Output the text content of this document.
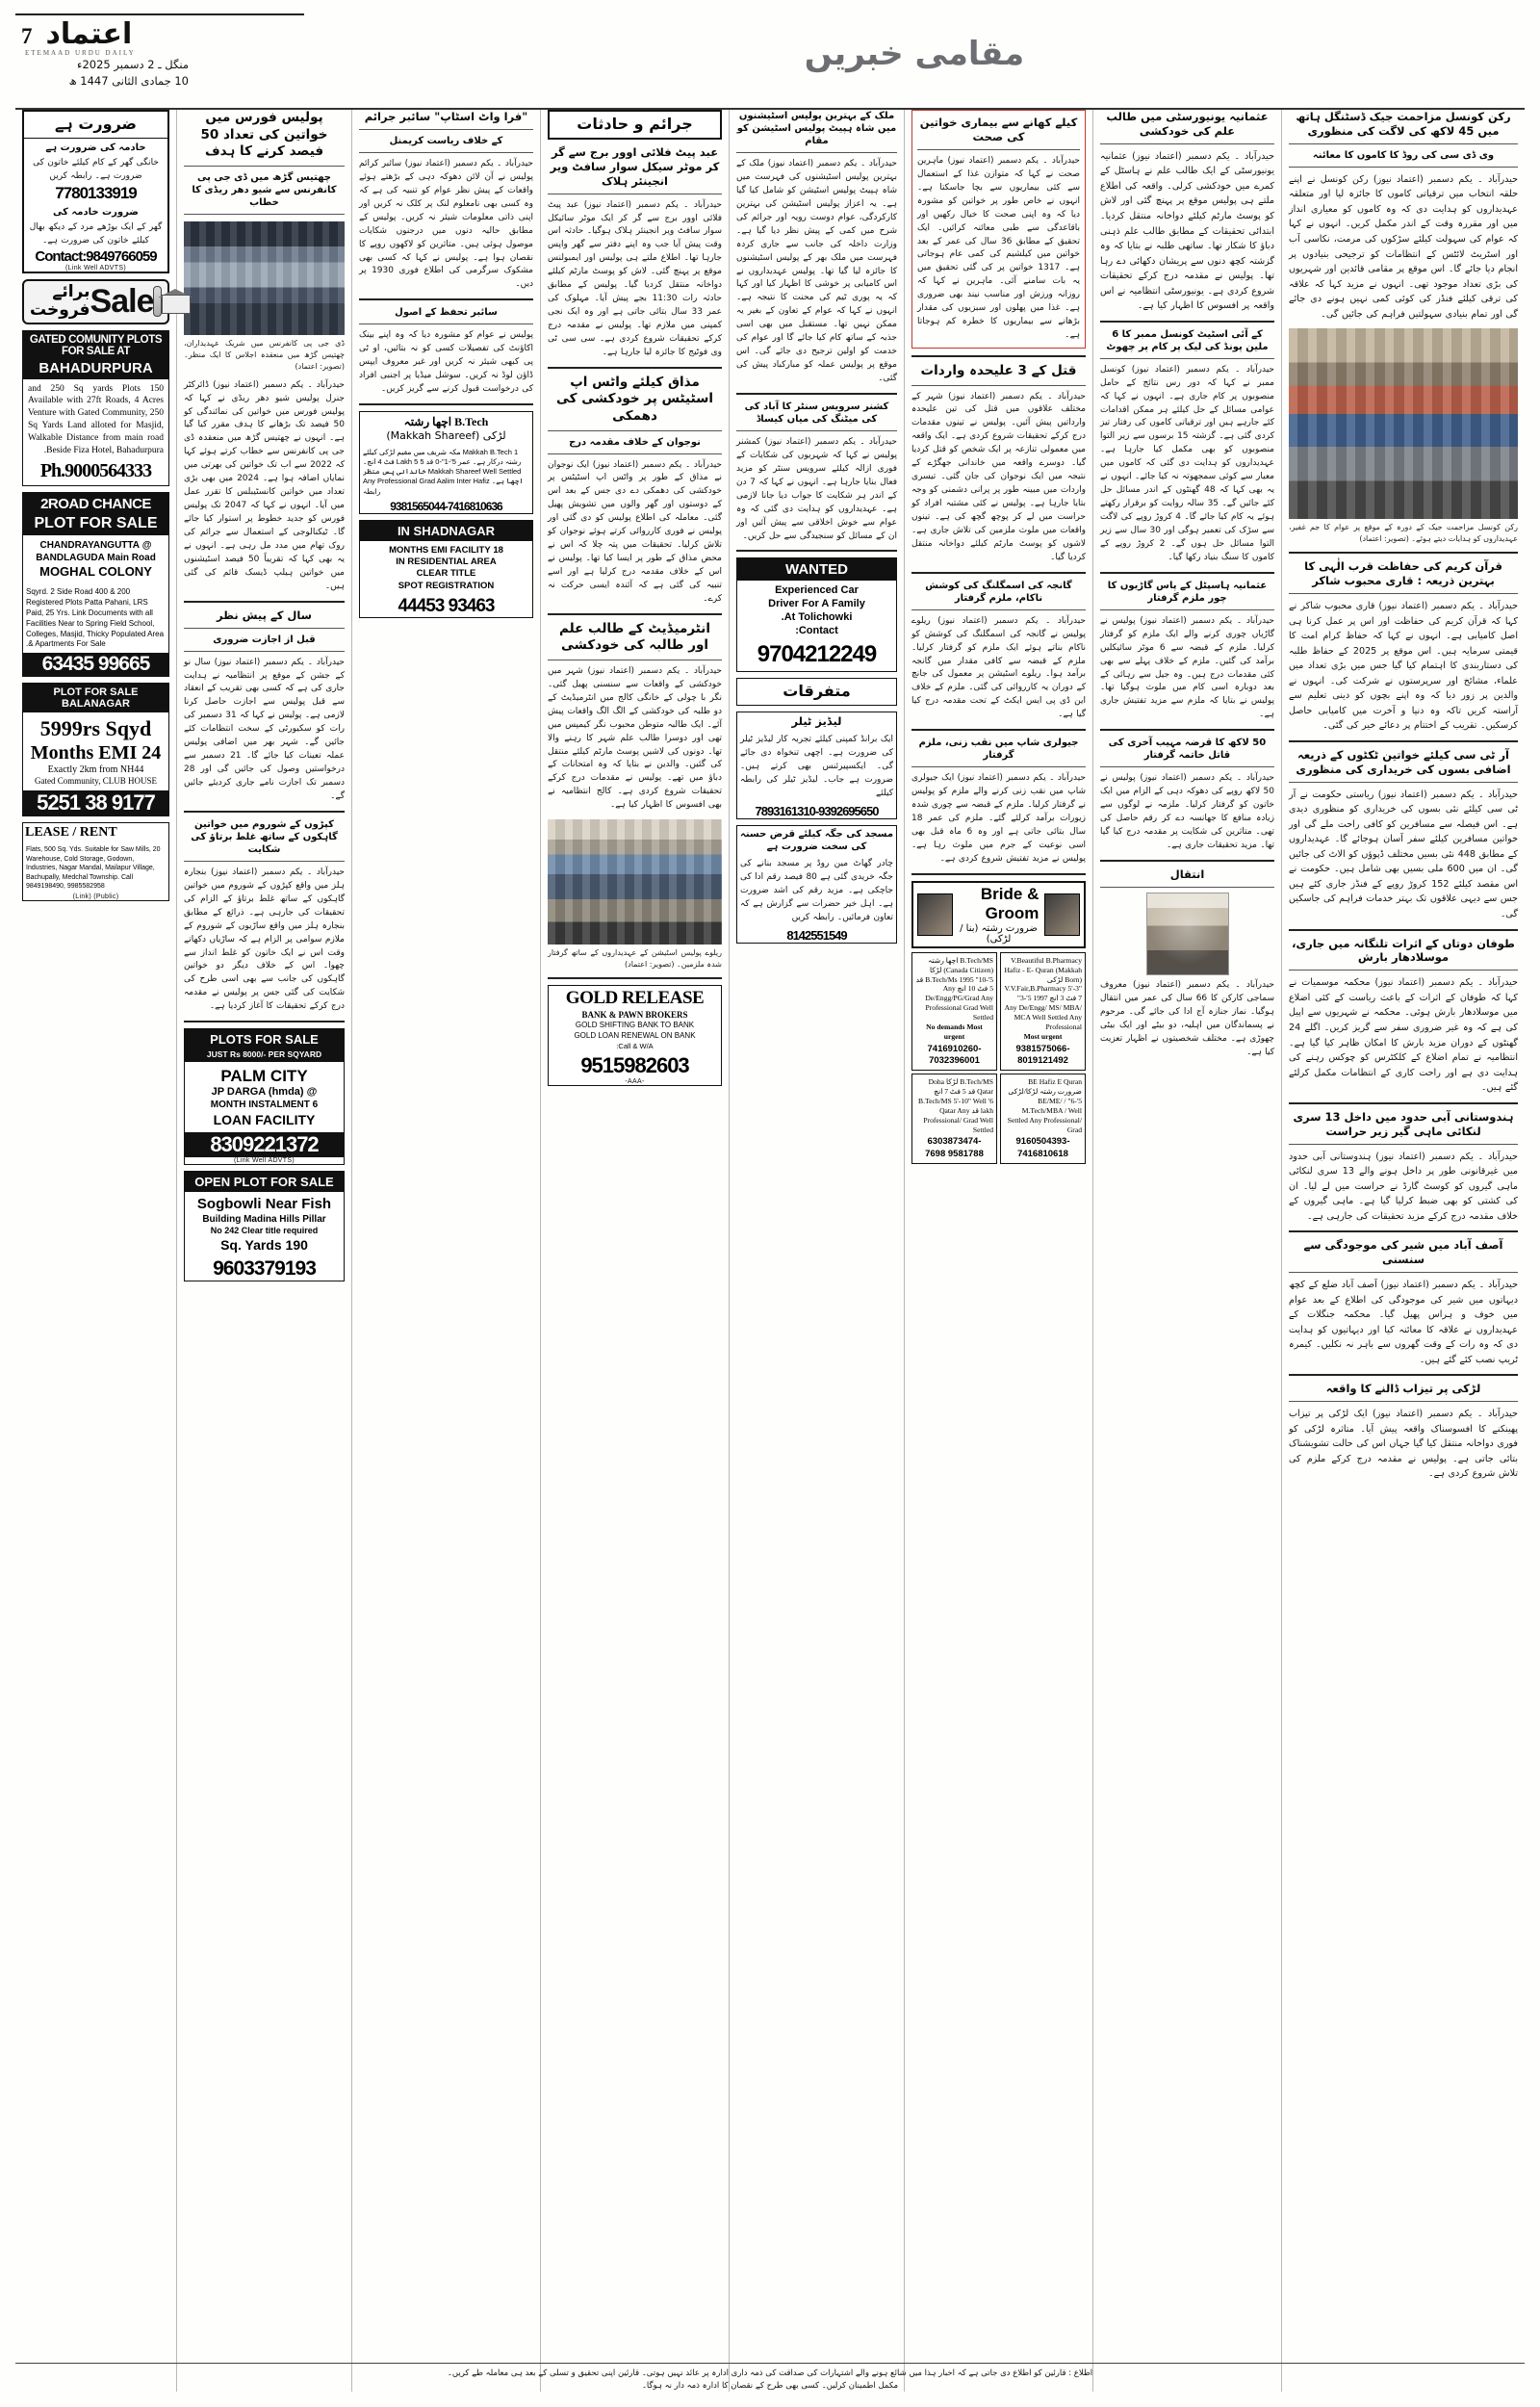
7 اعتماد
ETEMAAD URDU DAILY
منگل ـ 2 دسمبر 2025ء
10 جمادی الثانی 1447 ھ
مقامی خبریں
رکن کونسل مزاحمت جیک ڈسٹنگل ہاتھ میں 45 لاکھ کی لاگت کی منظوری
وی ڈی سی کی روڈ کا کاموں کا معائنہ
حیدرآباد ۔ یکم دسمبر (اعتماد نیوز) رکن کونسل نے اپنے حلقہ انتخاب میں ترقیاتی کاموں کا جائزہ لیا اور متعلقہ عہدیداروں کو ہدایت دی کہ وہ کاموں کو معیاری انداز میں اور مقررہ وقت کے اندر مکمل کریں۔ انہوں نے کہا کہ عوام کی سہولت کیلئے سڑکوں کی مرمت، نکاسی آب اور اسٹریٹ لائٹس کے انتظامات کو ترجیحی بنیادوں پر انجام دیا جائے گا۔ اس موقع پر مقامی قائدین اور شہریوں کی بڑی تعداد موجود تھی۔ انہوں نے مزید کہا کہ علاقہ کی ترقی کیلئے فنڈز کی کوئی کمی نہیں ہونے دی جائے گی اور تمام بنیادی سہولتیں فراہم کی جائیں گی۔
رکن کونسل مزاحمت جیک کے دورہ کے موقع پر عوام کا جم غفیر، عہدیداروں کو ہدایات دیتے ہوئے۔ (تصویر: اعتماد)
قرآن کریم کی حفاظت قرب الٰہی کا بہترین ذریعہ : قاری محبوب شاکر
حیدرآباد ۔ یکم دسمبر (اعتماد نیوز) قاری محبوب شاکر نے کہا کہ قرآن کریم کی حفاظت اور اس پر عمل کرنا ہی اصل کامیابی ہے۔ انہوں نے کہا کہ حفاظ کرام امت کا قیمتی سرمایہ ہیں۔ اس موقع پر 2025 کے حفاظ طلبہ کی دستاربندی کا اہتمام کیا گیا جس میں بڑی تعداد میں علماء، مشائخ اور سرپرستوں نے شرکت کی۔ انہوں نے والدین پر زور دیا کہ وہ اپنے بچوں کو دینی تعلیم سے آراستہ کریں تاکہ وہ دنیا و آخرت میں کامیابی حاصل کرسکیں۔ تقریب کے اختتام پر دعائے خیر کی گئی۔
آر ٹی سی کیلئے خواتین ٹکٹوں کے ذریعہ اضافی بسوں کی خریداری کی منظوری
حیدرآباد ۔ یکم دسمبر (اعتماد نیوز) ریاستی حکومت نے آر ٹی سی کیلئے نئی بسوں کی خریداری کو منظوری دیدی ہے۔ اس فیصلہ سے مسافرین کو کافی راحت ملے گی اور خواتین مسافرین کیلئے سفر آسان ہوجائے گا۔ عہدیداروں کے مطابق 448 نئی بسیں مختلف ڈپوؤں کو الاٹ کی جائیں گی۔ ان میں 600 ملی بسیں بھی شامل ہیں۔ حکومت نے اس مقصد کیلئے 152 کروڑ روپے کے فنڈز جاری کئے ہیں جس سے دیہی علاقوں تک بہتر خدمات فراہم کی جاسکیں گی۔
طوفان دوتاں کے اثرات تلنگانہ میں جاری، موسلادھار بارش
حیدرآباد ۔ یکم دسمبر (اعتماد نیوز) محکمہ موسمیات نے کہا کہ طوفان کے اثرات کے باعث ریاست کے کئی اضلاع میں موسلادھار بارش ہوئی۔ محکمہ نے شہریوں سے اپیل کی ہے کہ وہ غیر ضروری سفر سے گریز کریں۔ اگلے 24 گھنٹوں کے دوران مزید بارش کا امکان ظاہر کیا گیا ہے۔ انتظامیہ نے تمام اضلاع کے کلکٹرس کو چوکس رہنے کی ہدایت دی ہے اور راحت کاری کے انتظامات مکمل کرلئے گئے ہیں۔
ہندوستانی آبی حدود میں داخل 13 سری لنکائی ماہی گیر زیر حراست
حیدرآباد ۔ یکم دسمبر (اعتماد نیوز) ہندوستانی آبی حدود میں غیرقانونی طور پر داخل ہونے والے 13 سری لنکائی ماہی گیروں کو کوسٹ گارڈ نے حراست میں لے لیا۔ ان کی کشتی کو بھی ضبط کرلیا گیا ہے۔ ماہی گیروں کے خلاف مقدمہ درج کرکے مزید تحقیقات کی جارہی ہے۔
آصف آباد میں شیر کی موجودگی سے سنسنی
حیدرآباد ۔ یکم دسمبر (اعتماد نیوز) آصف آباد ضلع کے کچھ دیہاتوں میں شیر کی موجودگی کی اطلاع کے بعد عوام میں خوف و ہراس پھیل گیا۔ محکمہ جنگلات کے عہدیداروں نے علاقہ کا معائنہ کیا اور دیہاتیوں کو ہدایت دی کہ وہ رات کے وقت گھروں سے باہر نہ نکلیں۔ کیمرہ ٹریپ نصب کئے گئے ہیں۔
لڑکی پر تیزاب ڈالنے کا واقعہ
حیدرآباد ۔ یکم دسمبر (اعتماد نیوز) ایک لڑکی پر تیزاب پھینکنے کا افسوسناک واقعہ پیش آیا۔ متاثرہ لڑکی کو فوری دواخانہ منتقل کیا گیا جہاں اس کی حالت تشویشناک بتائی جاتی ہے۔ پولیس نے مقدمہ درج کرکے ملزم کی تلاش شروع کردی ہے۔
عثمانیہ یونیورسٹی میں طالب علم کی خودکشی
حیدرآباد ۔ یکم دسمبر (اعتماد نیوز) عثمانیہ یونیورسٹی کے ایک طالب علم نے ہاسٹل کے کمرے میں خودکشی کرلی۔ واقعہ کی اطلاع ملتے ہی پولیس موقع پر پہنچ گئی اور لاش کو پوسٹ مارٹم کیلئے دواخانہ منتقل کردیا۔ ابتدائی تحقیقات کے مطابق طالب علم ذہنی دباؤ کا شکار تھا۔ ساتھی طلبہ نے بتایا کہ وہ گزشتہ کچھ دنوں سے پریشان دکھائی دے رہا تھا۔ پولیس نے مقدمہ درج کرکے تحقیقات شروع کردی ہے۔ یونیورسٹی انتظامیہ نے اس واقعہ پر افسوس کا اظہار کیا ہے۔
کے آئی اسٹیٹ کونسل ممبر کا 6 ملین پونڈ کی لیک پر کام پر چھوٹ
حیدرآباد ۔ یکم دسمبر (اعتماد نیوز) کونسل ممبر نے کہا کہ دور رس نتائج کے حامل منصوبوں پر کام جاری ہے۔ انہوں نے کہا کہ عوامی مسائل کے حل کیلئے ہر ممکن اقدامات کئے جارہے ہیں اور ترقیاتی کاموں کی رفتار تیز کردی گئی ہے۔ گزشتہ 15 برسوں سے زیر التوا منصوبوں کو بھی مکمل کیا جارہا ہے۔ عہدیداروں کو ہدایت دی گئی کہ کاموں میں معیار سے کوئی سمجھوتہ نہ کیا جائے۔ انہوں نے یہ بھی کہا کہ 48 گھنٹوں کے اندر مسائل حل کئے جائیں گے۔ 35 سالہ روایت کو برقرار رکھتے ہوئے یہ کام کیا جائے گا۔ 4 کروڑ روپے کی لاگت سے سڑک کی تعمیر ہوگی اور 30 سال سے زیر التوا مسائل حل ہوں گے۔ 2 کروڑ روپے کے کاموں کا سنگ بنیاد رکھا گیا۔
عثمانیہ ہاسپٹل کے پاس گاڑیوں کا چور ملزم گرفتار
حیدرآباد ۔ یکم دسمبر (اعتماد نیوز) پولیس نے گاڑیاں چوری کرنے والے ایک ملزم کو گرفتار کرلیا۔ ملزم کے قبضہ سے 6 موٹر سائیکلیں برآمد کی گئیں۔ ملزم کے خلاف پہلے سے بھی کئی مقدمات درج ہیں۔ وہ جیل سے رہائی کے بعد دوبارہ اسی کام میں ملوث ہوگیا تھا۔ پولیس نے بتایا کہ ملزم سے مزید تفتیش جاری ہے۔
50 لاکھ کا قرضہ مہیب آخری کی قاتل خاتمہ گرفتار
حیدرآباد ۔ یکم دسمبر (اعتماد نیوز) پولیس نے 50 لاکھ روپے کی دھوکہ دہی کے الزام میں ایک خاتون کو گرفتار کرلیا۔ ملزمہ نے لوگوں سے زیادہ منافع کا جھانسہ دے کر رقم حاصل کی تھی۔ متاثرین کی شکایت پر مقدمہ درج کیا گیا تھا۔ مزید تحقیقات جاری ہے۔
انتقال
حیدرآباد ۔ یکم دسمبر (اعتماد نیوز) معروف سماجی کارکن کا 66 سال کی عمر میں انتقال ہوگیا۔ نماز جنازہ آج ادا کی جائے گی۔ مرحوم نے پسماندگان میں اہلیہ، دو بیٹے اور ایک بیٹی چھوڑی ہے۔ مختلف شخصیتوں نے اظہار تعزیت کیا ہے۔
کیلے کھانے سے بیماری خواتین کی صحت
حیدرآباد ۔ یکم دسمبر (اعتماد نیوز) ماہرین صحت نے کہا کہ متوازن غذا کے استعمال سے کئی بیماریوں سے بچا جاسکتا ہے۔ انہوں نے خاص طور پر خواتین کو مشورہ دیا کہ وہ اپنی صحت کا خیال رکھیں اور باقاعدگی سے طبی معائنہ کرائیں۔ ایک تحقیق کے مطابق 36 سال کی عمر کے بعد خواتین میں کیلشیم کی کمی عام ہوجاتی ہے۔ 1317 خواتین پر کی گئی تحقیق میں یہ بات سامنے آئی۔ ماہرین نے کہا کہ روزانہ ورزش اور مناسب نیند بھی ضروری ہے۔ غذا میں پھلوں اور سبزیوں کی مقدار بڑھانے سے بیماریوں کا خطرہ کم ہوجاتا ہے۔
قتل کے 3 علیحدہ واردات
حیدرآباد ۔ یکم دسمبر (اعتماد نیوز) شہر کے مختلف علاقوں میں قتل کی تین علیحدہ وارداتیں پیش آئیں۔ پولیس نے تینوں مقدمات درج کرکے تحقیقات شروع کردی ہے۔ ایک واقعہ میں معمولی تنازعہ پر ایک شخص کو قتل کردیا گیا۔ دوسرے واقعہ میں خاندانی جھگڑے کے نتیجہ میں ایک نوجوان کی جان گئی۔ تیسری واردات میں مبینہ طور پر پرانی دشمنی کو وجہ بتایا جارہا ہے۔ پولیس نے کئی مشتبہ افراد کو حراست میں لے کر پوچھ گچھ کی ہے۔ تینوں واقعات میں ملوث ملزمین کی تلاش جاری ہے۔ لاشوں کو پوسٹ مارٹم کیلئے دواخانہ منتقل کردیا گیا۔
گانجہ کی اسمگلنگ کی کوشش ناکام، ملزم گرفتار
حیدرآباد ۔ یکم دسمبر (اعتماد نیوز) ریلوے پولیس نے گانجہ کی اسمگلنگ کی کوشش کو ناکام بناتے ہوئے ایک ملزم کو گرفتار کرلیا۔ ملزم کے قبضہ سے کافی مقدار میں گانجہ برآمد ہوا۔ ریلوے اسٹیشن پر معمول کی جانچ کے دوران یہ کارروائی کی گئی۔ ملزم کے خلاف این ڈی پی ایس ایکٹ کے تحت مقدمہ درج کیا گیا ہے۔
جیولری شاپ میں نقب زنی، ملزم گرفتار
حیدرآباد ۔ یکم دسمبر (اعتماد نیوز) ایک جیولری شاپ میں نقب زنی کرنے والے ملزم کو پولیس نے گرفتار کرلیا۔ ملزم کے قبضہ سے چوری شدہ زیورات برآمد کرلئے گئے۔ ملزم کی عمر 18 سال بتائی جاتی ہے اور وہ 6 ماہ قبل بھی اسی نوعیت کے جرم میں ملوث رہا ہے۔ پولیس نے مزید تفتیش شروع کردی ہے۔
Bride & Groom
ضرورت رشتہ (بنا / لڑکی)
V.Beautiful B.Pharmacy Hafiz - E- Quran (Makkah Born) لڑکی V.V.Fair,B.Pharmacy 5'-3" 7 فٹ 3 انچ 1997 5'-3" Any De/Engg/ MS/ MBA/ MCA Well Settled Any Professional
Most urgent
9381575066-8019121492
B.Tech/MS اچھا رشتہ (Canada Citizen) لڑکا 5'-10" 1995 B.Tech/Ms قد 5 فٹ 10 انچ Any De/Engg/PG/Grad Any Professional Grad Well Settled
No demands Most urgent
7416910260-7032396001
BE Hafiz E Quran ضرورت رشتہ لڑکا/لڑکی 5'-6" / BE/ME/ M.Tech/MBA / Well Settled Any Professional/ Grad
9160504393-7416810618
B.Tech/MS لڑکا Doha Qatar قد 5 فٹ 7 انچ B.Tech/MS 5'-10" Well '6 lakh قد Qatar Any Professional/ Grad Well Settled
6303873474-9581788 7698
ملک کے بہترین پولیس اسٹیشنوں میں شاہ ہپیٹ پولیس اسٹیشن کو مقام
حیدرآباد ۔ یکم دسمبر (اعتماد نیوز) ملک کے بہترین پولیس اسٹیشنوں کی فہرست میں شاہ ہپیٹ پولیس اسٹیشن کو شامل کیا گیا ہے۔ یہ اعزاز پولیس اسٹیشن کی بہترین کارکردگی، عوام دوست رویہ اور جرائم کی شرح میں کمی کے پیش نظر دیا گیا ہے۔ وزارت داخلہ کی جانب سے جاری کردہ فہرست میں ملک بھر کے پولیس اسٹیشنوں کا جائزہ لیا گیا تھا۔ پولیس عہدیداروں نے اس کامیابی پر خوشی کا اظہار کیا اور کہا کہ یہ پوری ٹیم کی محنت کا نتیجہ ہے۔ انہوں نے کہا کہ عوام کے تعاون کے بغیر یہ ممکن نہیں تھا۔ مستقبل میں بھی اسی جذبہ کے ساتھ کام کیا جائے گا اور عوام کی خدمت کو اولین ترجیح دی جائے گی۔ اس موقع پر پولیس عملہ کو مبارکباد پیش کی گئی۔
کشنر سرویس سنٹر کا آباد کی کی میٹنگ کی میاں کیساڈ
حیدرآباد ۔ یکم دسمبر (اعتماد نیوز) کمشنر پولیس نے کہا کہ شہریوں کی شکایات کے فوری ازالہ کیلئے سرویس سنٹر کو مزید فعال بنایا جارہا ہے۔ انہوں نے کہا کہ 7 دن کے اندر ہر شکایت کا جواب دیا جانا لازمی ہے۔ عہدیداروں کو ہدایت دی گئی کہ وہ عوام سے خوش اخلاقی سے پیش آئیں اور ان کے مسائل کو سنجیدگی سے حل کریں۔
WANTED
Experienced Car
Driver For A Family
At Tolichowki.
Contact:
9704212249
متفرقات
لیڈیز ٹیلر
ایک برانڈ کمپنی کیلئے تجربہ کار لیڈیز ٹیلر کی ضرورت ہے۔ اچھی تنخواہ دی جائے گی۔ ایکسپیرئنس بھی کرتے ہیں۔ ضرورت ہے جاب۔ لیڈیز ٹیلر کی رابطہ کیلئے
7893161310-9392695650
مسجد کی جگہ کیلئے قرض حسنہ کی سخت ضرورت ہے
چادر گھاٹ مین روڈ پر مسجد بنانے کی جگہ خریدی گئی ہے 80 فیصد رقم ادا کی جاچکی ہے۔ مزید رقم کی اشد ضرورت ہے۔ اہل خیر حضرات سے گزارش ہے کہ تعاون فرمائیں۔ رابطہ کریں
8142551549
جرائم و حادثات
عبد پیٹ فلائی اوور برج سے گر کر موٹر سیکل سوار سافٹ ویر انجینئر ہلاک
حیدرآباد ۔ یکم دسمبر (اعتماد نیوز) عبد پیٹ فلائی اوور برج سے گر کر ایک موٹر سائیکل سوار سافٹ ویر انجینئر ہلاک ہوگیا۔ حادثہ اس وقت پیش آیا جب وہ اپنے دفتر سے گھر واپس جارہا تھا۔ اطلاع ملتے ہی پولیس اور ایمبولنس موقع پر پہنچ گئی۔ لاش کو پوسٹ مارٹم کیلئے دواخانہ منتقل کردیا گیا۔ پولیس کے مطابق حادثہ رات 11:30 بجے پیش آیا۔ مہلوک کی عمر 33 سال بتائی جاتی ہے اور وہ ایک نجی کمپنی میں ملازم تھا۔ پولیس نے مقدمہ درج کرکے تحقیقات شروع کردی ہے۔ سی سی ٹی وی فوٹیج کا جائزہ لیا جارہا ہے۔
مذاق کیلئے واٹس اپ اسٹیٹس پر خودکشی کی دھمکی
نوجوان کے خلاف مقدمہ درج
حیدرآباد ۔ یکم دسمبر (اعتماد نیوز) ایک نوجوان نے مذاق کے طور پر واٹس اپ اسٹیٹس پر خودکشی کی دھمکی دے دی جس کے بعد اس کے دوستوں اور گھر والوں میں تشویش پھیل گئی۔ معاملہ کی اطلاع پولیس کو دی گئی اور پولیس نے فوری کارروائی کرتے ہوئے نوجوان کو تلاش کرلیا۔ تحقیقات میں پتہ چلا کہ اس نے محض مذاق کے طور پر ایسا کیا تھا۔ پولیس نے اس کے خلاف مقدمہ درج کرلیا ہے اور اسے تنبیہ کی گئی ہے کہ آئندہ ایسی حرکت نہ کرے۔
انٹرمیڈیٹ کے طالب علم اور طالبہ کی خودکشی
حیدرآباد ۔ یکم دسمبر (اعتماد نیوز) شہر میں خودکشی کے واقعات سے سنسنی پھیل گئی۔ نگر با چولی کے خانگی کالج میں انٹرمیڈیٹ کے دو طلبہ کی خودکشی کے الگ الگ واقعات پیش آئے۔ ایک طالبہ متوطن محبوب نگر کیمپس میں تھی اور دوسرا طالب علم شہر کا رہنے والا تھا۔ دونوں کی لاشیں پوسٹ مارٹم کیلئے منتقل کی گئیں۔ والدین نے بتایا کہ وہ امتحانات کے دباؤ میں تھے۔ پولیس نے مقدمات درج کرکے تحقیقات شروع کردی ہے۔ کالج انتظامیہ نے بھی افسوس کا اظہار کیا ہے۔
ریلوے پولیس اسٹیشن کے عہدیداروں کے ساتھ گرفتار شدہ ملزمین۔ (تصویر: اعتماد)
GOLD RELEASE
BANK & PAWN BROKERS
GOLD SHIFTING BANK TO BANK
GOLD LOAN RENEWAL ON BANK
Call & W/A:
9515982603
-AAA-
"فرا واٹ اسٹاپ" سائبر جرائم
کے خلاف ریاست کریمنل
حیدرآباد ۔ یکم دسمبر (اعتماد نیوز) سائبر کرائم پولیس نے آن لائن دھوکہ دہی کے بڑھتے ہوئے واقعات کے پیش نظر عوام کو تنبیہ کی ہے کہ وہ کسی بھی نامعلوم لنک پر کلک نہ کریں اور اپنی ذاتی معلومات شیئر نہ کریں۔ پولیس کے مطابق حالیہ دنوں میں درجنوں شکایات موصول ہوئی ہیں۔ متاثرین کو لاکھوں روپے کا نقصان ہوا ہے۔ پولیس نے کہا کہ کسی بھی مشکوک سرگرمی کی اطلاع فوری 1930 پر دیں۔
سائبر تحفظ کے اصول
پولیس نے عوام کو مشورہ دیا کہ وہ اپنے بینک اکاؤنٹ کی تفصیلات کسی کو نہ بتائیں، او ٹی پی کبھی شیئر نہ کریں اور غیر معروف ایپس ڈاؤن لوڈ نہ کریں۔ سوشل میڈیا پر اجنبی افراد کی درخواست قبول کرنے سے گریز کریں۔
B.Tech اچھا رشتہ
لڑکی (Makkah Shareef)
Makkah B.Tech 1 مکہ شریف میں مقیم لڑکی کیلئے رشتہ درکار ہے۔ عمر 5'-1"-0 قد 5 Lakh 5 فٹ 4 انچ۔ Makkah Shareef Well Settled خاندانی پس منظر اچھا ہے۔ Any Professional Grad Aalim Inter Hafiz رابطہ
9381565044-7416810636
IN SHADNAGAR
18 MONTHS EMI FACILITY
IN RESIDENTIAL AREA
CLEAR TITLE
SPOT REGISTRATION
93463 44453
پولیس فورس میں خواتین کی تعداد 50 فیصد کرنے کا ہدف
چھتیس گڑھ میں ڈی جی پی کانفرنس سے شیو دھر ریڈی کا خطاب
ڈی جی پی کانفرنس میں شریک عہدیداران، چھتیس گڑھ میں منعقدہ اجلاس کا ایک منظر۔ (تصویر: اعتماد)
حیدرآباد ۔ یکم دسمبر (اعتماد نیوز) ڈائرکٹر جنرل پولیس شیو دھر ریڈی نے کہا کہ پولیس فورس میں خواتین کی نمائندگی کو 50 فیصد تک بڑھانے کا ہدف مقرر کیا گیا ہے۔ انہوں نے چھتیس گڑھ میں منعقدہ ڈی جی پی کانفرنس سے خطاب کرتے ہوئے کہا کہ 2022 سے اب تک خواتین کی بھرتی میں نمایاں اضافہ ہوا ہے۔ 2024 میں بھی بڑی تعداد میں خواتین کانسٹیبلس کا تقرر عمل میں آیا۔ انہوں نے کہا کہ 2047 تک پولیس فورس کو جدید خطوط پر استوار کیا جائے گا۔ ٹیکنالوجی کے استعمال سے جرائم کی روک تھام میں مدد مل رہی ہے۔ انہوں نے یہ بھی کہا کہ تقریباً 50 فیصد اسٹیشنوں میں خواتین ہیلپ ڈیسک قائم کی گئی ہیں۔
سال کے پیش نظر
قبل از اجازت ضروری
حیدرآباد ۔ یکم دسمبر (اعتماد نیوز) سال نو کے جشن کے موقع پر انتظامیہ نے ہدایت جاری کی ہے کہ کسی بھی تقریب کے انعقاد سے قبل پولیس سے اجازت حاصل کرنا لازمی ہے۔ پولیس نے کہا کہ 31 دسمبر کی رات کو سکیورٹی کے سخت انتظامات کئے جائیں گے۔ شہر بھر میں اضافی پولیس عملہ تعینات کیا جائے گا۔ 21 دسمبر سے درخواستیں وصول کی جائیں گی اور 28 دسمبر تک اجازت نامے جاری کردیئے جائیں گے۔
کپڑوں کے شوروم میں خواتین گاہکوں کے ساتھ غلط برتاؤ کی شکایت
حیدرآباد ۔ یکم دسمبر (اعتماد نیوز) بنجارہ ہلز میں واقع کپڑوں کے شوروم میں خواتین گاہکوں کے ساتھ غلط برتاؤ کے الزام کی تحقیقات کی جارہی ہے۔ ذرائع کے مطابق بنجارہ ہلز میں واقع ساڑیوں کے شوروم کے ملازم سوامی پر الزام ہے کہ ساڑیاں دکھاتے وقت اس نے ایک خاتون کو غلط انداز سے چھوا۔ اس کے خلاف دیگر دو خواتین گاہکوں کی جانب سے بھی اسی طرح کی شکایت کی گئی جس پر پولیس نے مقدمہ درج کرکے تحقیقات کا آغاز کردیا ہے۔
PLOTS FOR SALE
JUST Rs 8000/- PER SQYARD
PALM CITY
@ JP DARGA (hmda)
6 MONTH INSTALMENT
LOAN FACILITY
8309221372
(Link Well ADVTS)
OPEN PLOT FOR SALE
Sogbowli Near Fish
Building Madina Hills Pillar
No 242 Clear title required
190 Sq. Yards
9603379193
ضرورت ہے
خادمہ کی ضرورت ہے
خانگی گھر کے کام کیلئے خاتون کی ضرورت ہے۔ رابطہ کریں
7780133919
ضرورت خادمہ کی
گھر کے ایک بوڑھے مرد کے دیکھ بھال کیلئے خاتون کی ضرورت ہے۔
Contact:9849766059
(Link Well ADVTS)
Sale
برائے فروخت
GATED COMUNITY PLOTS FOR SALE AT
BAHADURPURA
150 and 250 Sq yards Plots Available with 27ft Roads, 4 Acres Venture with Gated Community, 250 Sq Yards Land alloted for Masjid, Walkable Distance from main road Beside Fiza Hotel, Bahadurpura.
Ph.9000564333
2ROAD CHANCE
PLOT FOR SALE
@ CHANDRAYANGUTTA
BANDLAGUDA Main Road
MOGHAL COLONY
200 & 400 Sqyrd. 2 Side Road Registered Plots Patta Pahani, LRS Paid, 25 Yrs. Link Documents with all Facilities Near to Spring Field School, Colleges, Masjid, Thicky Populated Area & Apartments For Sale.
99665 63435
PLOT FOR SALE BALANAGAR
5999rs Sqyd
24 Months EMI
Exactly 2km from NH44
Gated Community, CLUB HOUSE
9177 38 5251
LEASE / RENT
20 Flats, 500 Sq. Yds. Suitable for Saw Mills, Warehouse, Cold Storage, Godown, Industries, Nagar Mandal, Mailapur Village, Bachupally, Medchal Township. Call 9849198490, 9985582958
(Public) (Link)
اطلاع : قارئین کو اطلاع دی جاتی ہے کہ اخبار ہذا میں شائع ہونے والے اشتہارات کی صداقت کی ذمہ داری ادارہ پر عائد نہیں ہوتی۔ قارئین اپنی تحقیق و تسلی کے بعد ہی معاملہ طے کریں۔
مکمل اطمینان کرلیں۔ کسی بھی طرح کے نقصان کا ادارہ ذمہ دار نہ ہوگا۔
